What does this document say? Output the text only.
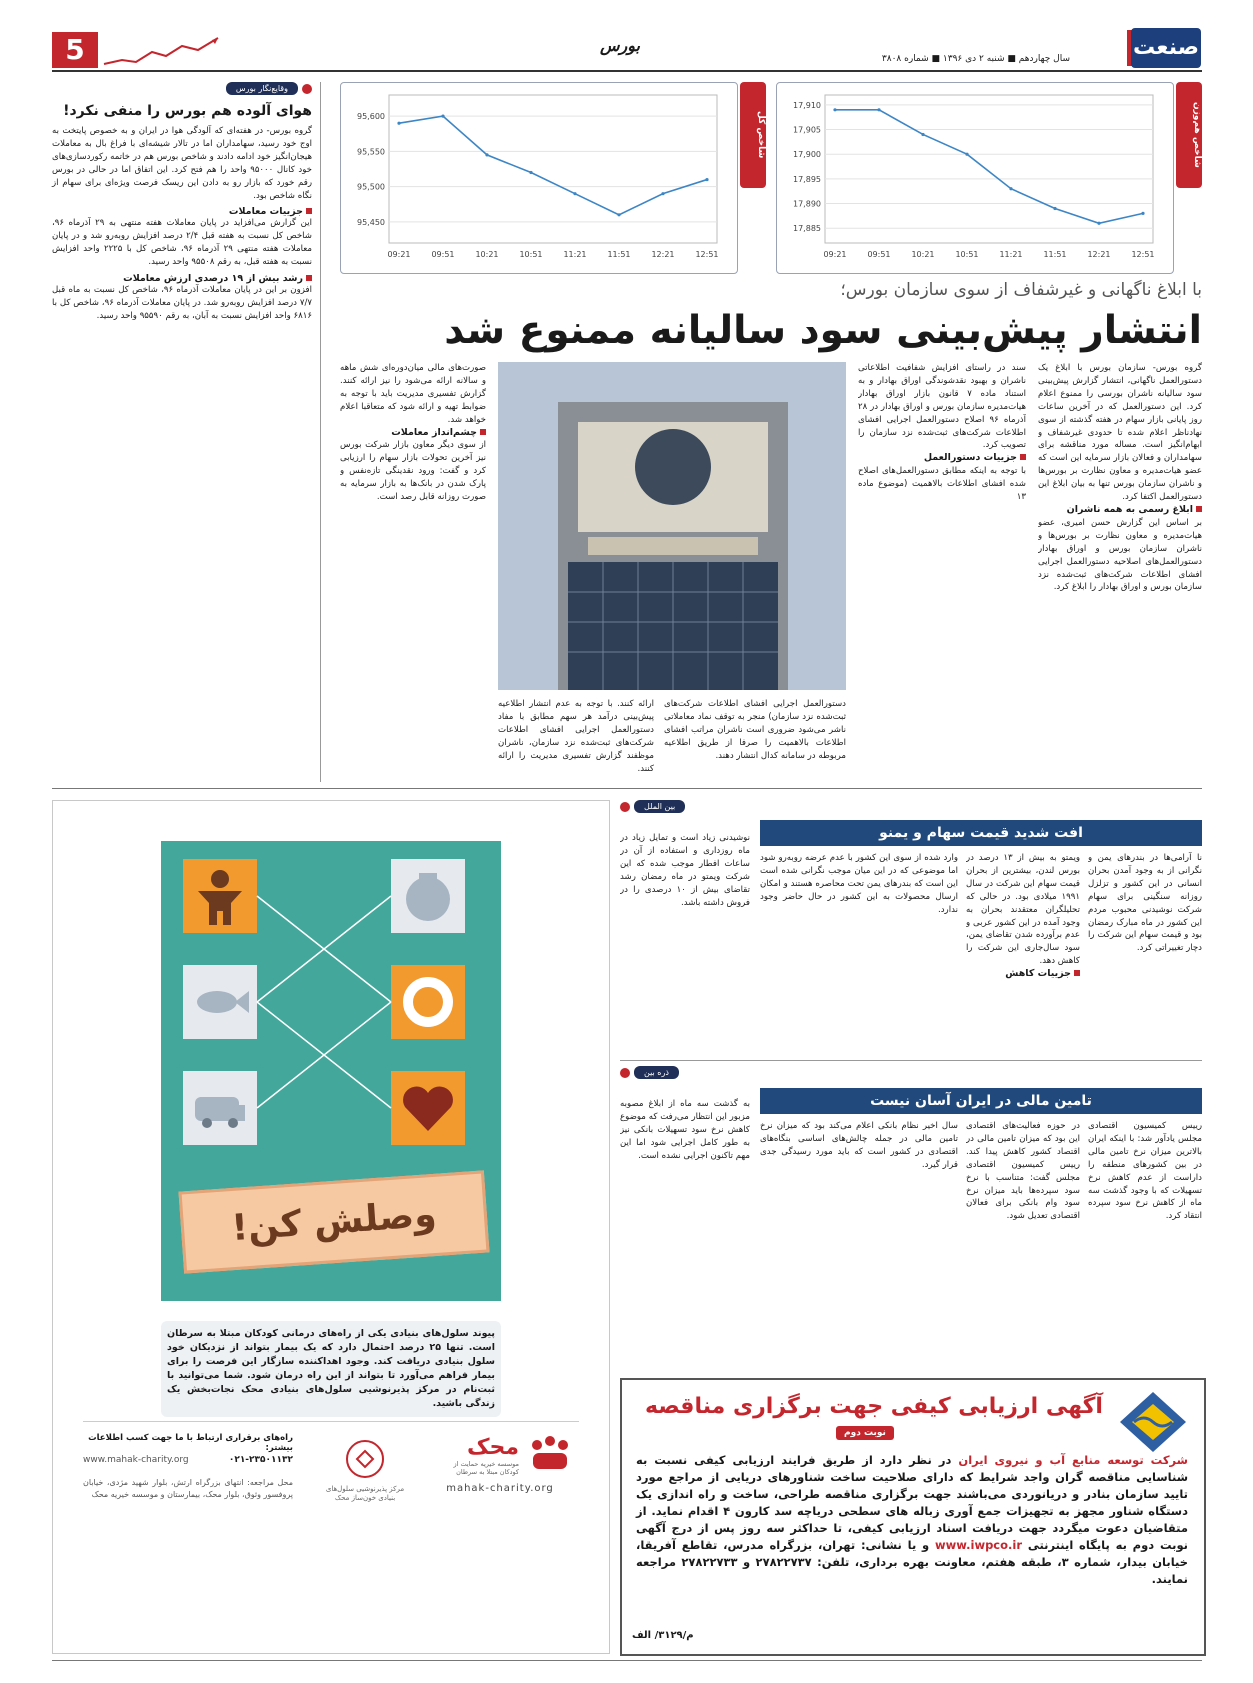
5	بورس
سال چهاردهم ■ شنبه ۲ دی ۱۳۹۶ ■ شماره ۳۸۰۸	صنعت
شاخص هم‌وزن
17,910
17,905
17,900
17,895
17,890
17,885
09:21	09:51	10:21	10:51	11:21	11:51	12:21	12:51
شاخص کل
95,600
95,550
95,500
95,450
09:21	09:51	10:21	10:51	11:21	11:51	12:21	12:51
وقایع‌نگار بورس
هوای آلوده هم بورس را منفی نکرد!
گروه بورس- در هفته‌ای که آلودگی هوا در ایران و به خصوص پایتخت به اوج خود رسید، سهامداران اما در تالار شیشه‌ای با فراغ بال به معاملات هیجان‌انگیز خود ادامه دادند و شاخص بورس هم در خاتمه رکوردسازی‌های خود کانال ۹۵۰۰۰ واحد را هم فتح کرد. این اتفاق اما در حالی در بورس رقم خورد که بازار رو به دادن این ریسک فرصت ویژه‌ای برای سهام از نگاه شاخص بود.
جزییات معاملات
این گزارش می‌افزاید در پایان معاملات هفته منتهی به ۲۹ آذرماه ۹۶، شاخص کل نسبت به هفته قبل ۲/۴ درصد افزایش روبه‌رو شد و در پایان معاملات هفته منتهی ۲۹ آذرماه ۹۶، شاخص کل با ۲۲۲۵ واحد افزایش نسبت به هفته قبل، به رقم ۹۵۵۰۸ واحد رسید.
رشد بیش از ۱۹ درصدی ارزش معاملات
افزون بر این در پایان معاملات آذرماه ۹۶، شاخص کل نسبت به ماه قبل ۷/۷ درصد افزایش روبه‌رو شد. در پایان معاملات آذرماه ۹۶، شاخص کل با ۶۸۱۶ واحد افزایش نسبت به آبان، به رقم ۹۵۵۹۰ واحد رسید.
با ابلاغ ناگهانی و غیرشفاف از سوی سازمان بورس؛
انتشار پیش‌بینی سود سالیانه ممنوع شد
گروه بورس- سازمان بورس با ابلاغ یک دستورالعمل ناگهانی، انتشار گزارش پیش‌بینی سود سالیانه ناشران بورسی را ممنوع اعلام کرد. این دستورالعمل که در آخرین ساعات روز پایانی بازار سهام در هفته گذشته از سوی نهادناظر اعلام شده تا حدودی غیرشفاف و ابهام‌انگیز است. مساله مورد مناقشه برای سهامداران و فعالان بازار سرمایه این است که عضو هیات‌مدیره و معاون نظارت بر بورس‌ها و ناشران سازمان بورس تنها به بیان ابلاغ این دستورالعمل اکتفا کرد.
ابلاغ رسمی به همه ناشران
بر اساس این گزارش حسن امیری، عضو هیات‌مدیره و معاون نظارت بر بورس‌ها و ناشران سازمان بورس و اوراق بهادار دستورالعمل‌های اصلاحیه دستورالعمل اجرایی افشای اطلاعات شرکت‌های ثبت‌شده نزد سازمان بورس و اوراق بهادار را ابلاغ کرد.
سند در راستای افزایش شفافیت اطلاعاتی ناشران و بهبود نقدشوندگی اوراق بهادار و به استناد ماده ۷ قانون بازار اوراق بهادار هیات‌مدیره سازمان بورس و اوراق بهادار در ۲۸ آذرماه ۹۶ اصلاح دستورالعمل اجرایی افشای اطلاعات شرکت‌های ثبت‌شده نزد سازمان را تصویب کرد.
جزییات دستورالعمل
با توجه به اینکه مطابق دستورالعمل‌های اصلاح شده افشای اطلاعات بالاهمیت (موضوع ماده ۱۳
دستورالعمل اجرایی افشای اطلاعات شرکت‌های ثبت‌شده نزد سازمان) منجر به توقف نماد معاملاتی ناشر می‌شود ضروری است ناشران مراتب افشای اطلاعات بالاهمیت را صرفا از طریق اطلاعیه مربوطه در سامانه کدال انتشار دهند.
ارائه کنند. با توجه به عدم انتشار اطلاعیه پیش‌بینی درآمد هر سهم مطابق با مفاد دستورالعمل اجرایی افشای اطلاعات شرکت‌های ثبت‌شده نزد سازمان، ناشران موظفند گزارش تفسیری مدیریت را ارائه کنند.
صورت‌های مالی میان‌دوره‌ای شش ماهه و سالانه ارائه می‌شود را نیز ارائه کنند. گزارش تفسیری مدیریت باید با توجه به ضوابط تهیه و ارائه شود که متعاقبا اعلام خواهد شد.
چشم‌انداز معاملات
از سوی دیگر معاون بازار شرکت بورس نیز آخرین تحولات بازار سهام را ارزیابی کرد و گفت: ورود نقدینگی تازه‌نفس و پارک شدن در بانک‌ها به بازار سرمایه به صورت روزانه قابل رصد است.
بین الملل
افت شدید قیمت سهام و یمنو
نا آرامی‌ها در بندرهای یمن و نگرانی از به وجود آمدن بحران انسانی در این کشور و تزلزل روزانه سنگینی برای سهام شرکت نوشیدنی محبوب مردم این کشور در ماه مبارک رمضان بود و قیمت سهام این شرکت را دچار تغییراتی کرد.
ویمتو به بیش از ۱۳ درصد در بورس لندن، بیشترین از بحران قیمت سهام این شرکت در سال ۱۹۹۱ میلادی بود. در حالی که تحلیلگران معتقدند بحران به وجود آمده در این کشور عربی و عدم برآورده شدن تقاضای یمن، سود سال‌جاری این شرکت را کاهش دهد.
جزییات کاهش
وارد شده از سوی این کشور با عدم عرضه روبه‌رو شود اما موضوعی که در این میان موجب نگرانی شده است این است که بندرهای یمن تحت محاصره هستند و امکان ارسال محصولات به این کشور در حال حاضر وجود ندارد.
نوشیدنی زیاد است و تمایل زیاد در ماه روزداری و استفاده از آن در ساعات افطار موجب شده که این شرکت ویمتو در ماه رمضان رشد تقاضای بیش از ۱۰ درصدی را در فروش داشته باشد.
ذره بین
تامین مالی در ایران آسان نیست
رییس کمیسیون اقتصادی مجلس یادآور شد: با اینکه ایران بالاترین میزان نرخ تامین مالی در بین کشورهای منطقه را داراست از عدم کاهش نرخ تسهیلات که با وجود گذشت سه ماه از کاهش نرخ سود سپرده انتقاد کرد.
در حوزه فعالیت‌های اقتصادی این بود که میزان تامین مالی در اقتصاد کشور کاهش پیدا کند. رییس کمیسیون اقتصادی مجلس گفت: متناسب با نرخ سود سپرده‌ها باید میزان نرخ سود وام بانکی برای فعالان اقتصادی تعدیل شود.
سال اخیر نظام بانکی اعلام می‌کند بود که میزان نرخ تامین مالی در جمله چالش‌های اساسی بنگاه‌های اقتصادی در کشور است که باید مورد رسیدگی جدی قرار گیرد.
به گذشت سه ماه از ابلاغ مصوبه مزبور این انتظار می‌رفت که موضوع کاهش نرخ سود تسهیلات بانکی نیز به طور کامل اجرایی شود اما این مهم تاکنون اجرایی نشده است.
وصلش کن!
پیوند سلول‌های بنیادی یکی از راه‌های درمانی کودکان مبتلا به سرطان است. تنها ۲۵ درصد احتمال دارد که یک بیمار بتواند از نزدیکان خود سلول بنیادی دریافت کند. وجود اهداکننده سازگار این فرصت را برای بیمار فراهم می‌آورد تا بتواند از این راه درمان شود. شما می‌توانید با ثبت‌نام در مرکز پذیرنوشیی سلول‌های بنیادی محک نجات‌بخش یک زندگی باشید.
راه‌های برقراری ارتباط با ما جهت کسب اطلاعات بیشتر:
www.mahak-charity.org	۰۲۱-۲۳۵۰۱۱۳۲
محل مراجعه: انتهای بزرگراه ارتش، بلوار شهید مژدی، خیابان پروفسور وثوق، بلوار محک، بیمارستان و موسسه خیریه محک
مرکز پذیرنوشیی سلول‌های بنیادی خون‌ساز محک
محک
موسسه خیریه حمایت از کودکان مبتلا به سرطان
mahak-charity.org
آگهی ارزیابی کیفی جهت برگزاری مناقصه
نوبت دوم
شرکت توسعه منابع آب و نیروی ایران در نظر دارد از طریق فرایند ارزیابی کیفی نسبت به شناسایی مناقصه گران واجد شرایط که دارای صلاحیت ساخت شناورهای دریایی از مراجع مورد تایید سازمان بنادر و دریانوردی می‌باشند جهت برگزاری مناقصه طراحی، ساخت و راه اندازی یک دستگاه شناور مجهز به تجهیزات جمع آوری زباله های سطحی دریاچه سد کارون ۴ اقدام نماید. از متقاضیان دعوت میگردد جهت دریافت اسناد ارزیابی کیفی، تا حداکثر سه روز پس از درج آگهی نوبت دوم به پایگاه اینترنتی www.iwpco.ir و یا نشانی: تهران، بزرگراه مدرس، تقاطع آفریقا، خیابان بیدار، شماره ۳، طبقه هفتم، معاونت بهره برداری، تلفن: ۲۷۸۲۲۷۳۷ و ۲۷۸۲۲۷۳۳ مراجعه نمایند.
م/۳۱۲۹/ الف
